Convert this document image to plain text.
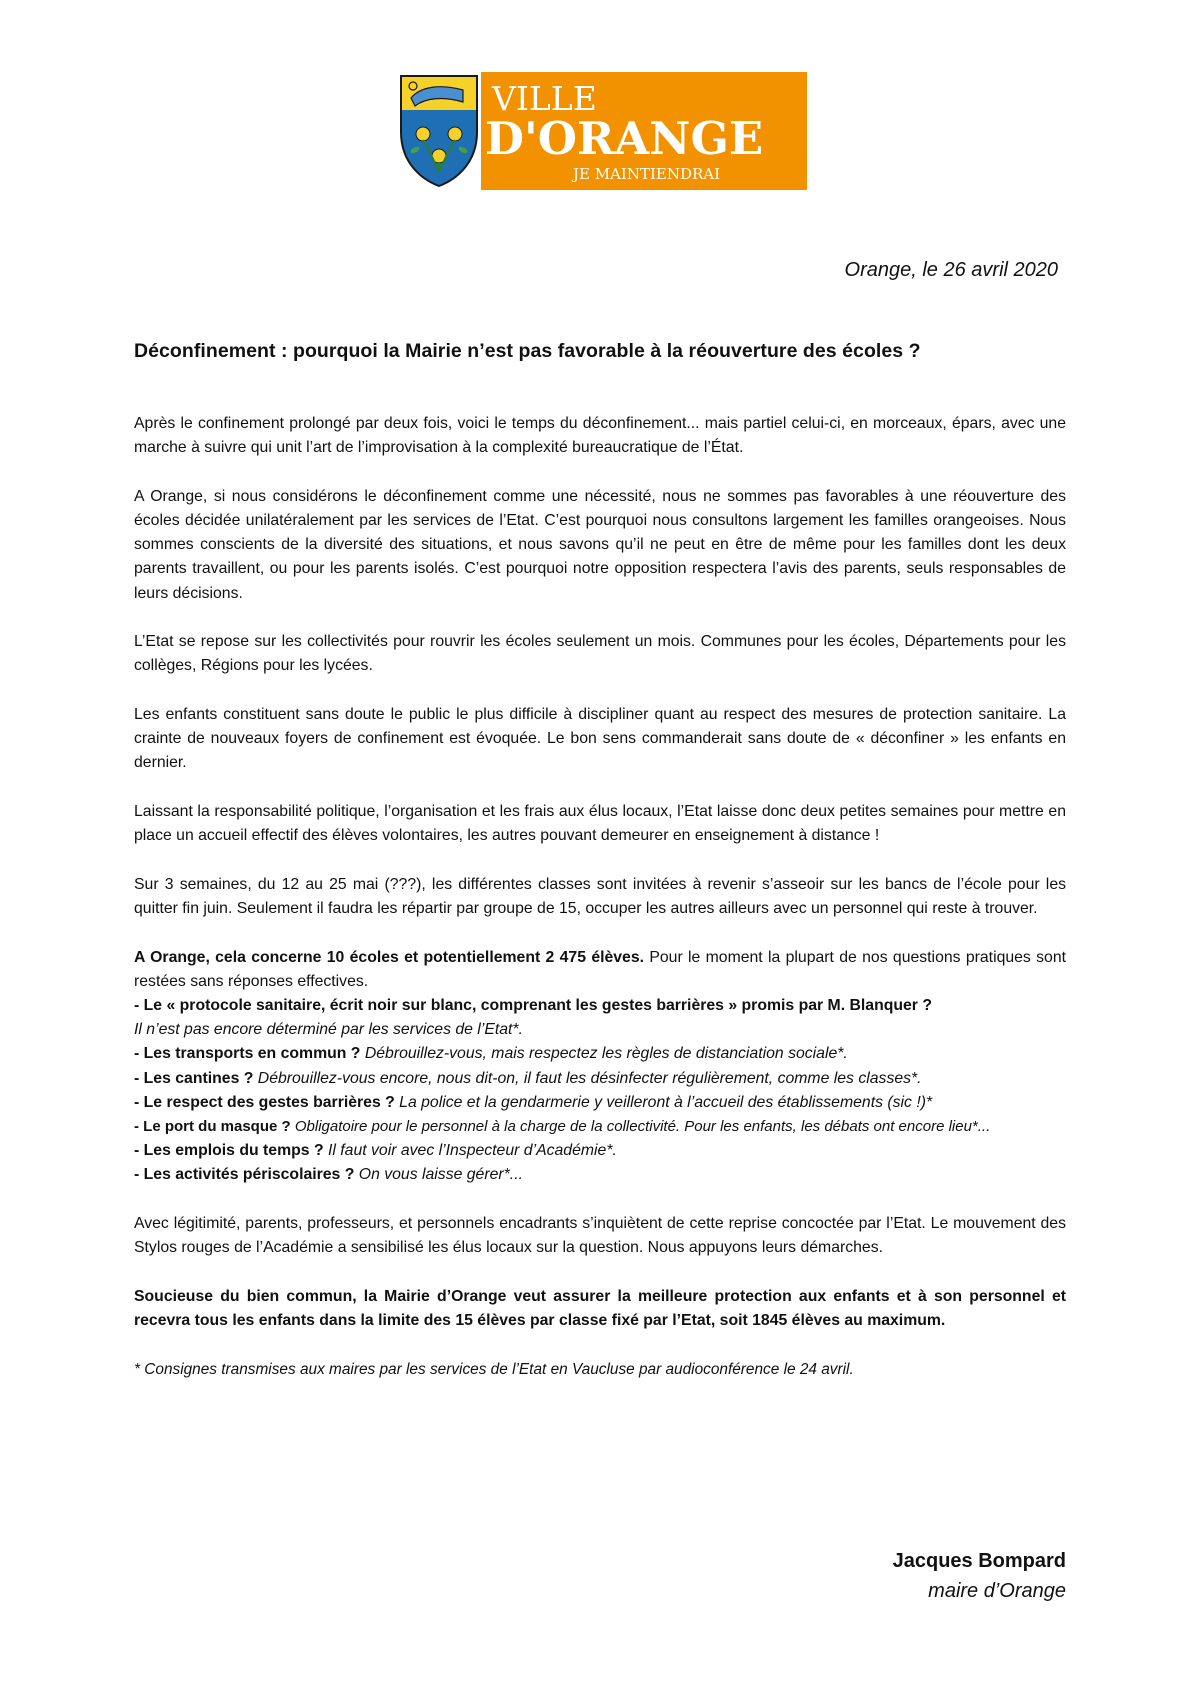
VILLE
D'ORANGE
JE MAINTIENDRAI
Orange, le 26 avril 2020
Déconfinement : pourquoi la Mairie n’est pas favorable à la réouverture des écoles ?

Après le confinement prolongé par deux fois, voici le temps du déconfinement... mais partiel celui-ci, en morceaux, épars, avec une marche à suivre qui unit l’art de l’improvisation à la complexité bureaucratique de l’État.

A Orange, si nous considérons le déconfinement comme une nécessité, nous ne sommes pas favorables à une réouverture des écoles décidée unilatéralement par les services de l’Etat. C’est pourquoi nous consultons largement les familles orangeoises. Nous sommes conscients de la diversité des situations, et nous savons qu’il ne peut en être de même pour les familles dont les deux parents travaillent, ou pour les parents isolés. C’est pourquoi notre opposition respectera l’avis des parents, seuls responsables de leurs décisions.

L’Etat se repose sur les collectivités pour rouvrir les écoles seulement un mois. Communes pour les écoles, Départements pour les collèges, Régions pour les lycées.

Les enfants constituent sans doute le public le plus difficile à discipliner quant au respect des mesures de protection sanitaire. La crainte de nouveaux foyers de confinement est évoquée. Le bon sens commanderait sans doute de « déconfiner » les enfants en dernier.

Laissant la responsabilité politique, l’organisation et les frais aux élus locaux, l’Etat laisse donc deux petites semaines pour mettre en place un accueil effectif des élèves volontaires, les autres pouvant demeurer en enseignement à distance !

Sur 3 semaines, du 12 au 25 mai (???), les différentes classes sont invitées à revenir s’asseoir sur les bancs de l’école pour les quitter fin juin. Seulement il faudra les répartir par groupe de 15, occuper les autres ailleurs avec un personnel qui reste à trouver.

A Orange, cela concerne 10 écoles et potentiellement 2 475 élèves. Pour le moment la plupart de nos questions pratiques sont restées sans réponses effectives.
- Le « protocole sanitaire, écrit noir sur blanc, comprenant les gestes barrières » promis par M. Blanquer ?
Il n’est pas encore déterminé par les services de l’Etat*.
- Les transports en commun ? Débrouillez-vous, mais respectez les règles de distanciation sociale*.
- Les cantines ? Débrouillez-vous encore, nous dit-on, il faut les désinfecter régulièrement, comme les classes*.
- Le respect des gestes barrières ? La police et la gendarmerie y veilleront à l’accueil des établissements (sic !)*
- Le port du masque ? Obligatoire pour le personnel à la charge de la collectivité. Pour les enfants, les débats ont encore lieu*...
- Les emplois du temps ? Il faut voir avec l’Inspecteur d’Académie*.
- Les activités périscolaires ? On vous laisse gérer*...

Avec légitimité, parents, professeurs, et personnels encadrants s’inquiètent de cette reprise concoctée par l’Etat. Le mouvement des Stylos rouges de l’Académie a sensibilisé les élus locaux sur la question. Nous appuyons leurs démarches.

Soucieuse du bien commun, la Mairie d’Orange veut assurer la meilleure protection aux enfants et à son personnel et recevra tous les enfants dans la limite des 15 élèves par classe fixé par l’Etat, soit 1845 élèves au maximum.

* Consignes transmises aux maires par les services de l’Etat en Vaucluse par audioconférence le 24 avril.

Jacques Bompard
maire d’Orange
